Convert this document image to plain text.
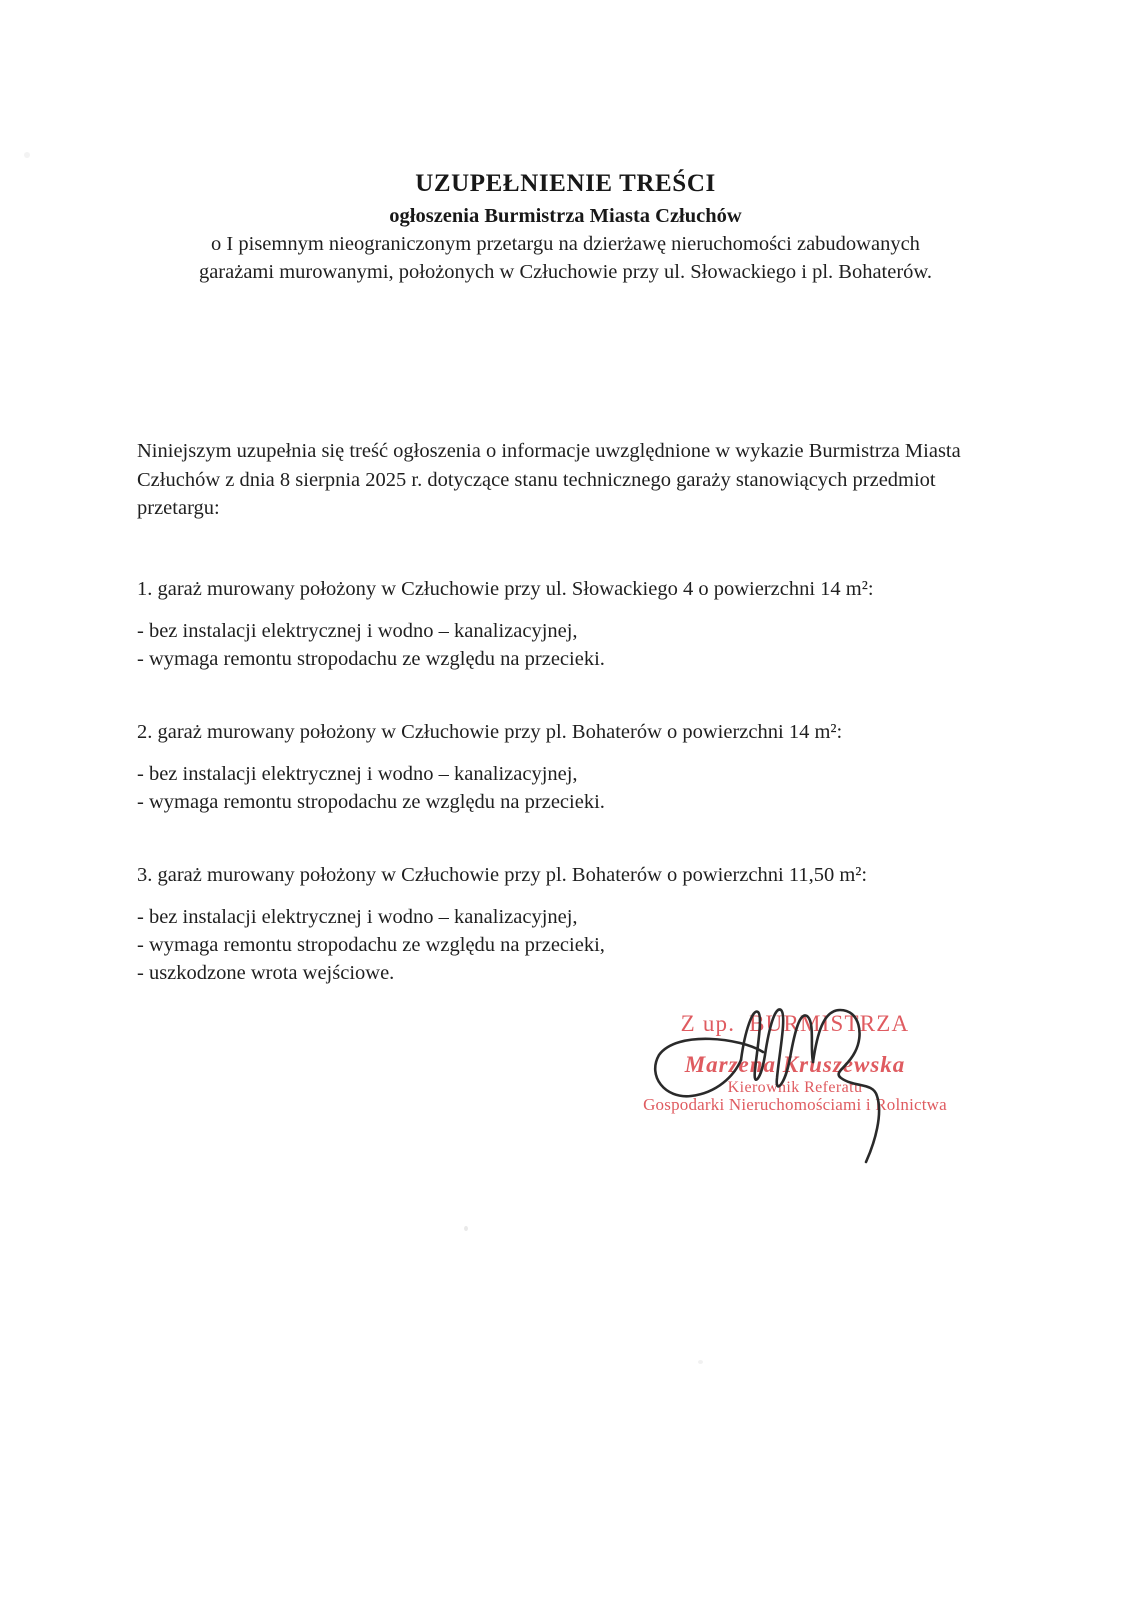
UZUPEŁNIENIE TREŚCI
ogłoszenia Burmistrza Miasta Człuchów
o I pisemnym nieograniczonym przetargu na dzierżawę nieruchomości zabudowanych
garażami murowanymi, położonych w Człuchowie przy ul. Słowackiego i pl. Bohaterów.

Niniejszym uzupełnia się treść ogłoszenia o informacje uwzględnione w wykazie Burmistrza Miasta Człuchów z dnia 8 sierpnia 2025 r. dotyczące stanu technicznego garaży stanowiących przedmiot przetargu:

1. garaż murowany położony w Człuchowie przy ul. Słowackiego 4 o powierzchni 14 m²:
- bez instalacji elektrycznej i wodno – kanalizacyjnej,
- wymaga remontu stropodachu ze względu na przecieki.
2. garaż murowany położony w Człuchowie przy pl. Bohaterów o powierzchni 14 m²:
- bez instalacji elektrycznej i wodno – kanalizacyjnej,
- wymaga remontu stropodachu ze względu na przecieki.
3. garaż murowany położony w Człuchowie przy pl. Bohaterów o powierzchni 11,50 m²:
- bez instalacji elektrycznej i wodno – kanalizacyjnej,
- wymaga remontu stropodachu ze względu na przecieki,
- uszkodzone wrota wejściowe.
Z up.  BURMISTRZA
Marzena Kruszewska
Kierownik Referatu
Gospodarki Nieruchomościami i Rolnictwa
